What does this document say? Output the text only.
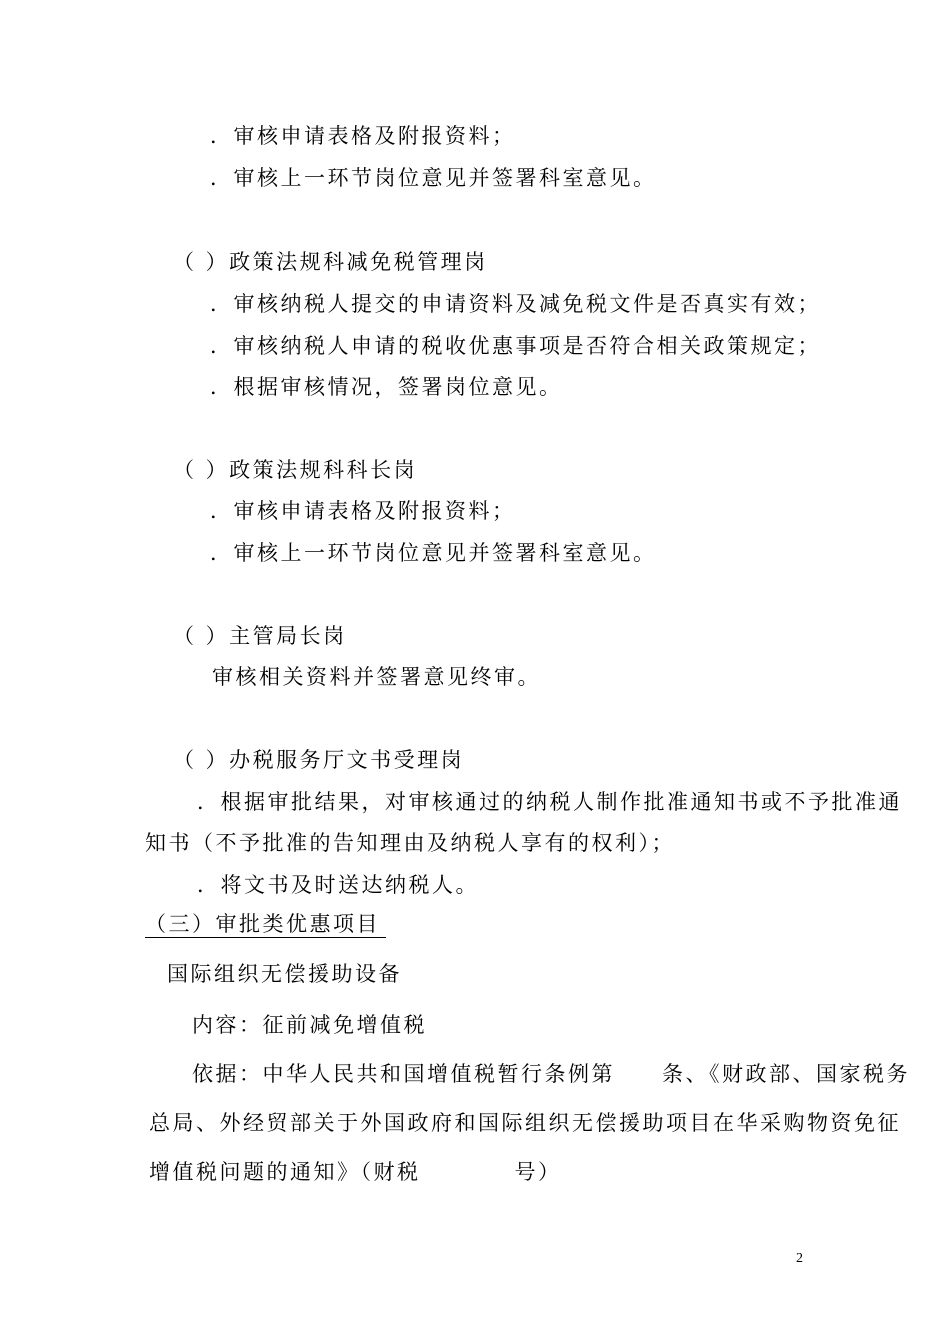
．审核申请表格及附报资料；
．审核上一环节岗位意见并签署科室意见。
（ ）政策法规科减免税管理岗
．审核纳税人提交的申请资料及减免税文件是否真实有效；
．审核纳税人申请的税收优惠事项是否符合相关政策规定；
．根据审核情况，签署岗位意见。
（ ）政策法规科科长岗
．审核申请表格及附报资料；
．审核上一环节岗位意见并签署科室意见。
（ ）主管局长岗
审核相关资料并签署意见终审。
（ ）办税服务厅文书受理岗
．根据审批结果，对审核通过的纳税人制作批准通知书或不予批准通
知书（不予批准的告知理由及纳税人享有的权利）；
．将文书及时送达纳税人。
（三）审批类优惠项目
国际组织无偿援助设备
内容：征前减免增值税
依据：中华人民共和国增值税暂行条例第　　条、《财政部、国家税务
总局、外经贸部关于外国政府和国际组织无偿援助项目在华采购物资免征
增值税问题的通知》（财税　　　　号）
2
